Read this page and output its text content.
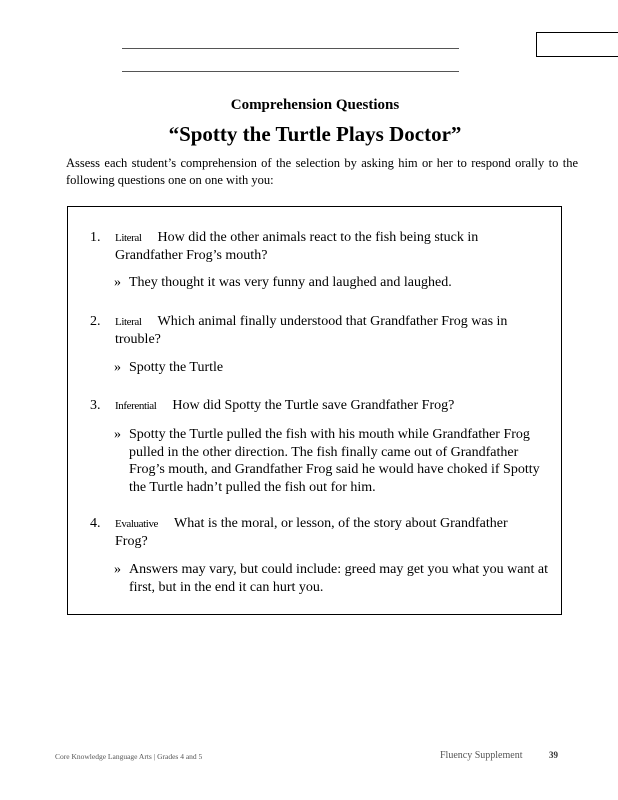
Comprehension Questions
“Spotty the Turtle Plays Doctor”
Assess each student’s comprehension of the selection by asking him or her to respond orally to the following questions one on one with you:
1. Literal How did the other animals react to the fish being stuck in
Grandfather Frog’s mouth?
» They thought it was very funny and laughed and laughed.
2. Literal Which animal finally understood that Grandfather Frog was in
trouble?
» Spotty the Turtle
3. Inferential How did Spotty the Turtle save Grandfather Frog?
» Spotty the Turtle pulled the fish with his mouth while Grandfather Frog pulled in the other direction. The fish finally came out of Grandfather Frog’s mouth, and Grandfather Frog said he would have choked if Spotty the Turtle hadn’t pulled the fish out for him.
4. Evaluative What is the moral, or lesson, of the story about Grandfather
Frog?
» Answers may vary, but could include: greed may get you what you want at first, but in the end it can hurt you.
Core Knowledge Language Arts | Grades 4 and 5	Fluency Supplement	39
